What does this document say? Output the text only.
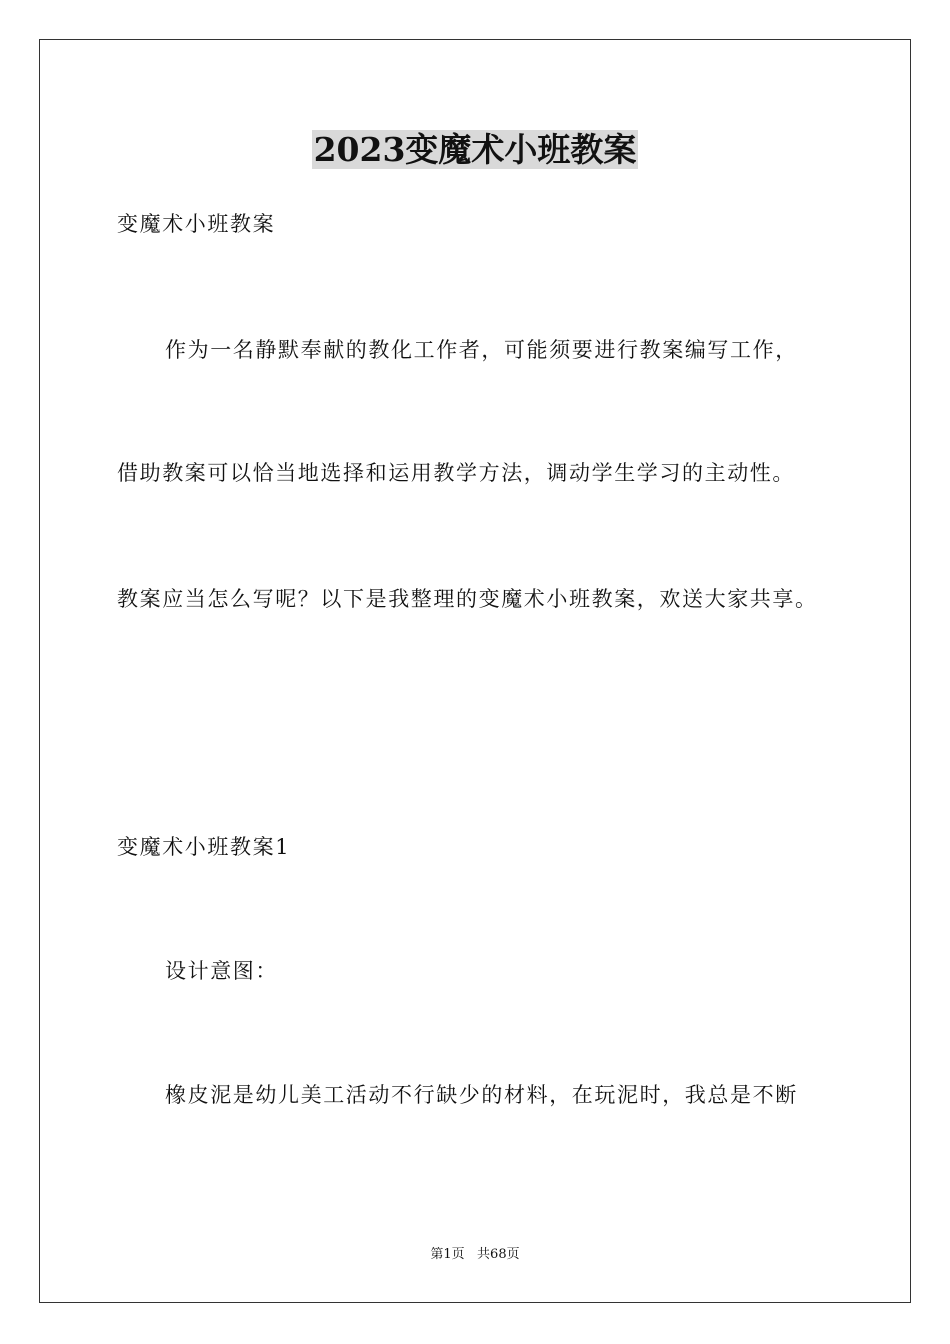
2023变魔术小班教案
变魔术小班教案
作为一名静默奉献的教化工作者，可能须要进行教案编写工作，
借助教案可以恰当地选择和运用教学方法，调动学生学习的主动性。
教案应当怎么写呢？以下是我整理的变魔术小班教案，欢送大家共享。
变魔术小班教案1
设计意图：
橡皮泥是幼儿美工活动不行缺少的材料，在玩泥时，我总是不断
第1页   共68页
